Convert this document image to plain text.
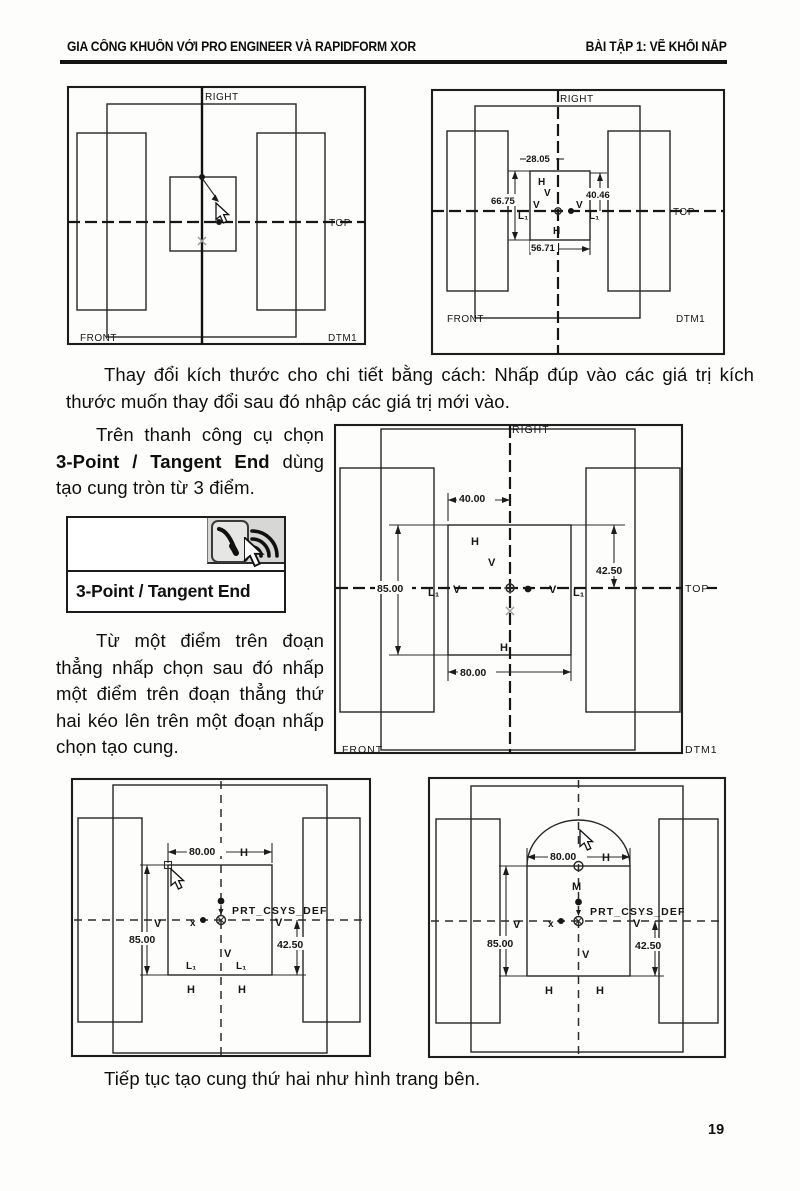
GIA CÔNG KHUÔN VỚI PRO ENGINEER VÀ RAPIDFORM XOR	BÀI TẬP 1: VẼ KHỐI NẮP
RIGHT
TOP
FRONT	DTM1
28.05
66.75
40.46
56.71
H
V
V
L₁
V
L₁
H
RIGHT
TOP
FRONT	DTM1
Thay đổi kích thước cho chi tiết bằng cách: Nhấp đúp vào các giá trị kích thước muốn thay đổi sau đó nhập các giá trị mới vào.
Trên thanh công cụ chọn 3-Point / Tangent End dùng tạo cung tròn từ 3 điểm.
3-Point / Tangent End
Từ một điểm trên đoạn thẳng nhấp chọn sau đó nhấp một điểm trên đoạn thẳng thứ hai kéo lên trên một đoạn nhấp chọn tạo cung.
40.00
85.00
42.50
80.00
H
V
L₁ V	V L₁
H
RIGHT
TOP
FRONT	DTM1
80.00 H
85.00
V
42.50
V
PRT_CSYS_DEF
x
V
L₁	L₁
H	H
80.00 H
85.00
V
42.50
V
PRT_CSYS_DEF
M
x
V
H	H
Tiếp tục tạo cung thứ hai như hình trang bên.
19
